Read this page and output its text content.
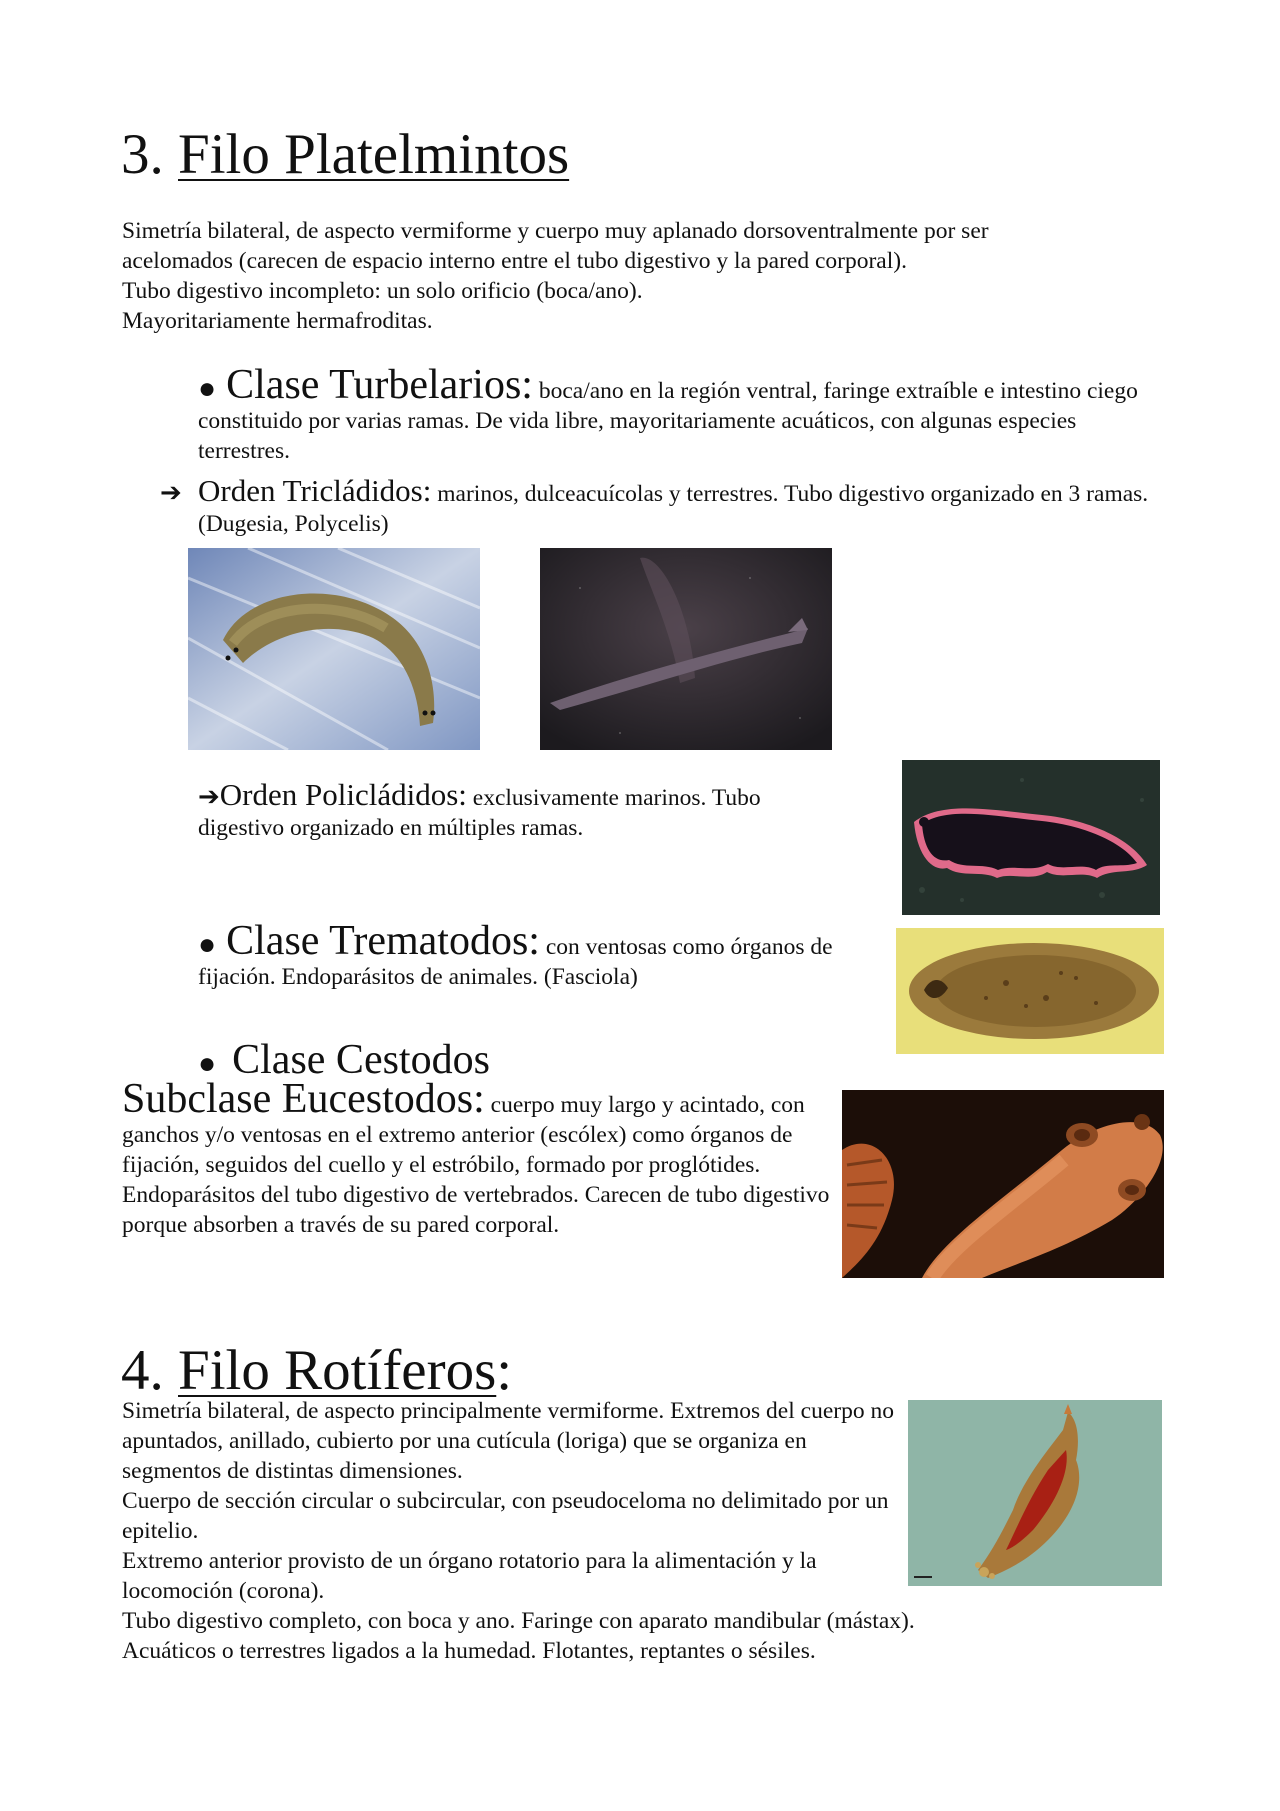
3. Filo Platelmintos

Simetría bilateral, de aspecto vermiforme y cuerpo muy aplanado dorsoventralmente por ser acelomados (carecen de espacio interno entre el tubo digestivo y la pared corporal).

Tubo digestivo incompleto: un solo orificio (boca/ano).

Mayoritariamente hermafroditas.

● Clase Turbelarios: boca/ano en la región ventral, faringe extraíble e intestino ciego constituido por varias ramas. De vida libre, mayoritariamente acuáticos, con algunas especies terrestres.
➔ Orden Tricládidos: marinos, dulceacuícolas y terrestres. Tubo digestivo organizado en 3 ramas. (Dugesia, Polycelis)
➔Orden Policládidos: exclusivamente marinos. Tubo digestivo organizado en múltiples ramas.
● Clase Trematodos: con ventosas como órganos de fijación. Endoparásitos de animales. (Fasciola)
● Clase Cestodos
Subclase Eucestodos: cuerpo muy largo y acintado, con ganchos y/o ventosas en el extremo anterior (escólex) como órganos de fijación, seguidos del cuello y el estróbilo, formado por proglótides. Endoparásitos del tubo digestivo de vertebrados. Carecen de tubo digestivo porque absorben a través de su pared corporal.
4. Filo Rotíferos:

Simetría bilateral, de aspecto principalmente vermiforme. Extremos del cuerpo no apuntados, anillado, cubierto por una cutícula (loriga) que se organiza en segmentos de distintas dimensiones.

Cuerpo de sección circular o subcircular, con pseudoceloma no delimitado por un epitelio.

Extremo anterior provisto de un órgano rotatorio para la alimentación y la locomoción (corona).

Tubo digestivo completo, con boca y ano. Faringe con aparato mandibular (mástax).

Acuáticos o terrestres ligados a la humedad. Flotantes, reptantes o sésiles.
